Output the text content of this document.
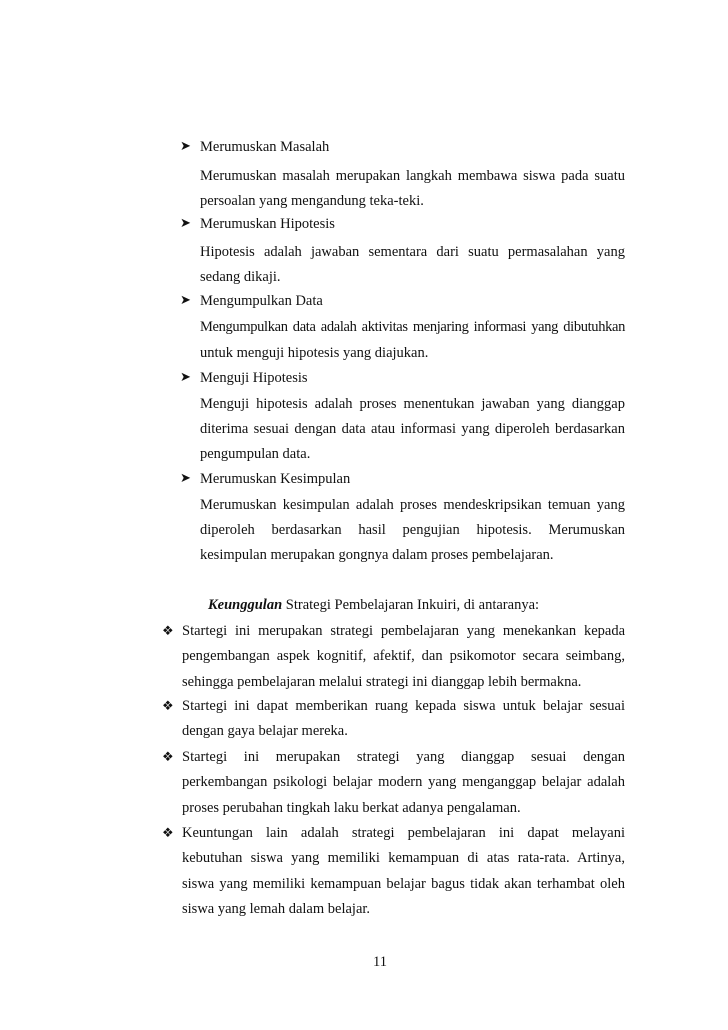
➤ Merumuskan Masalah
Merumuskan masalah merupakan langkah membawa siswa pada suatu
persoalan yang mengandung teka-teki.
➤ Merumuskan Hipotesis
Hipotesis adalah jawaban sementara dari suatu permasalahan yang
sedang dikaji.
➤ Mengumpulkan Data
Mengumpulkan data adalah aktivitas menjaring informasi yang dibutuhkan
untuk menguji hipotesis yang diajukan.
➤ Menguji Hipotesis
Menguji hipotesis adalah proses menentukan jawaban yang dianggap
diterima sesuai dengan data atau informasi yang diperoleh berdasarkan
pengumpulan data.
➤ Merumuskan Kesimpulan
Merumuskan kesimpulan adalah proses mendeskripsikan temuan yang
diperoleh berdasarkan hasil pengujian hipotesis. Merumuskan
kesimpulan merupakan gongnya dalam proses pembelajaran.
Keunggulan Strategi Pembelajaran Inkuiri, di antaranya:
❖ Startegi ini merupakan strategi pembelajaran yang menekankan kepada
pengembangan aspek kognitif, afektif, dan psikomotor secara seimbang,
sehingga pembelajaran melalui strategi ini dianggap lebih bermakna.
❖ Startegi ini dapat memberikan ruang kepada siswa untuk belajar sesuai
dengan gaya belajar mereka.
❖ Startegi ini merupakan strategi yang dianggap sesuai dengan
perkembangan psikologi belajar modern yang menganggap belajar adalah
proses perubahan tingkah laku berkat adanya pengalaman.
❖ Keuntungan lain adalah strategi pembelajaran ini dapat melayani
kebutuhan siswa yang memiliki kemampuan di atas rata-rata. Artinya,
siswa yang memiliki kemampuan belajar bagus tidak akan terhambat oleh
siswa yang lemah dalam belajar.
11
